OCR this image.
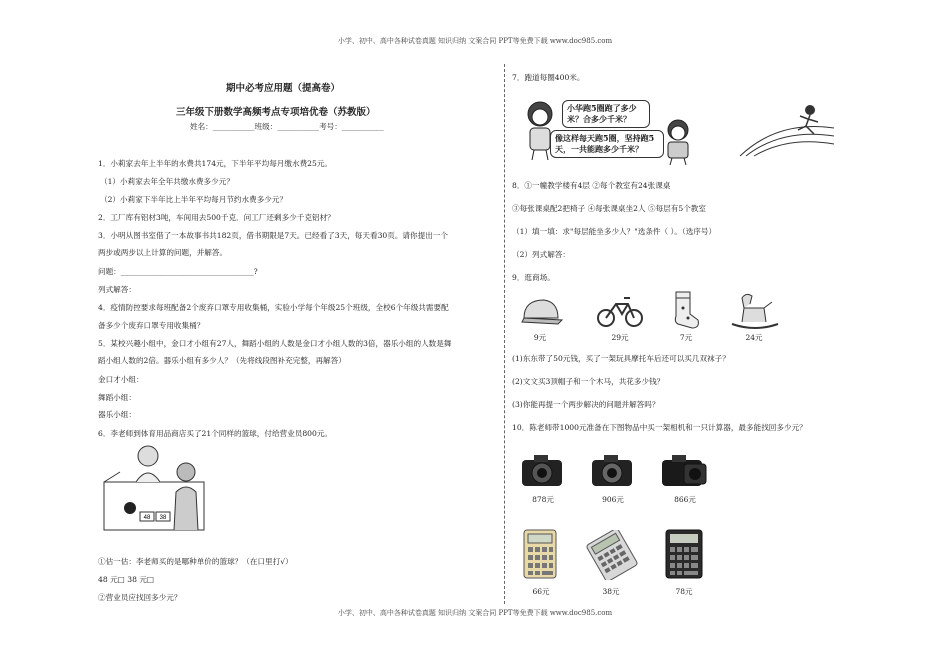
小学、初中、高中各种试卷真题 知识归纳 文案合同 PPT等免费下载 www.doc985.com
小学、初中、高中各种试卷真题 知识归纳 文案合同 PPT等免费下载 www.doc985.com
期中必考应用题（提高卷）
三年级下册数学高频考点专项培优卷（苏教版）
姓名：___________班级：___________考号：___________
1．小莉家去年上半年的水费共174元，下半年平均每月缴水费25元。
（1）小莉家去年全年共缴水费多少元？
（2）小莉家下半年比上半年平均每月节约水费多少元？
2．工厂库有铝材3吨，车间用去500千克．问工厂还剩多少千克铝材？
3．小明从图书室借了一本故事书共182页，借书期限是7天。已经看了3天，每天看30页。请你提出一个
两步或两步以上计算的问题，并解答。
问题：___________________________________?
列式解答：
4．疫情防控要求每班配备2个废弃口罩专用收集桶，实验小学每个年级25个班级，全校6个年级共需要配
备多少个废弃口罩专用收集桶？
5．某校兴趣小组中，金口才小组有27人，舞蹈小组的人数是金口才小组人数的3倍，器乐小组的人数是舞
蹈小组人数的2倍。器乐小组有多少人？（先将线段图补充完整，再解答）
金口才小组：
舞蹈小组：
器乐小组：
6．李老师到体育用品商店买了21个同样的篮球，付给营业员800元。
48 38
①估一估：李老师买的是哪种单价的篮球？（在口里打√）
48 元□ 38 元□
②营业员应找回多少元？
7．跑道每圈400米。
小华跑5圈跑了多少米？合多少千米？
像这样每天跑5圈，坚持跑5天，一共能跑多少千米？
8．①一幢教学楼有4层 ②每个教室有24张课桌
③每张课桌配2把椅子 ④每张课桌坐2人 ⑤每层有5个教室
（1）填一填：求"每层能坐多少人？"选条件（ ）。（选序号）
（2）列式解答：
9．逛商场。
9元	29元	7元	24元
(1)东东带了50元钱，买了一架玩具摩托车后还可以买几双袜子？
(2)文文买3顶帽子和一个木马，共花多少钱？
(3)你能再提一个两步解决的问题并解答吗？
10．陈老师带1000元准备在下图物品中买一架相机和一只计算器，最多能找回多少元？
878元	906元	866元
66元	38元	78元
